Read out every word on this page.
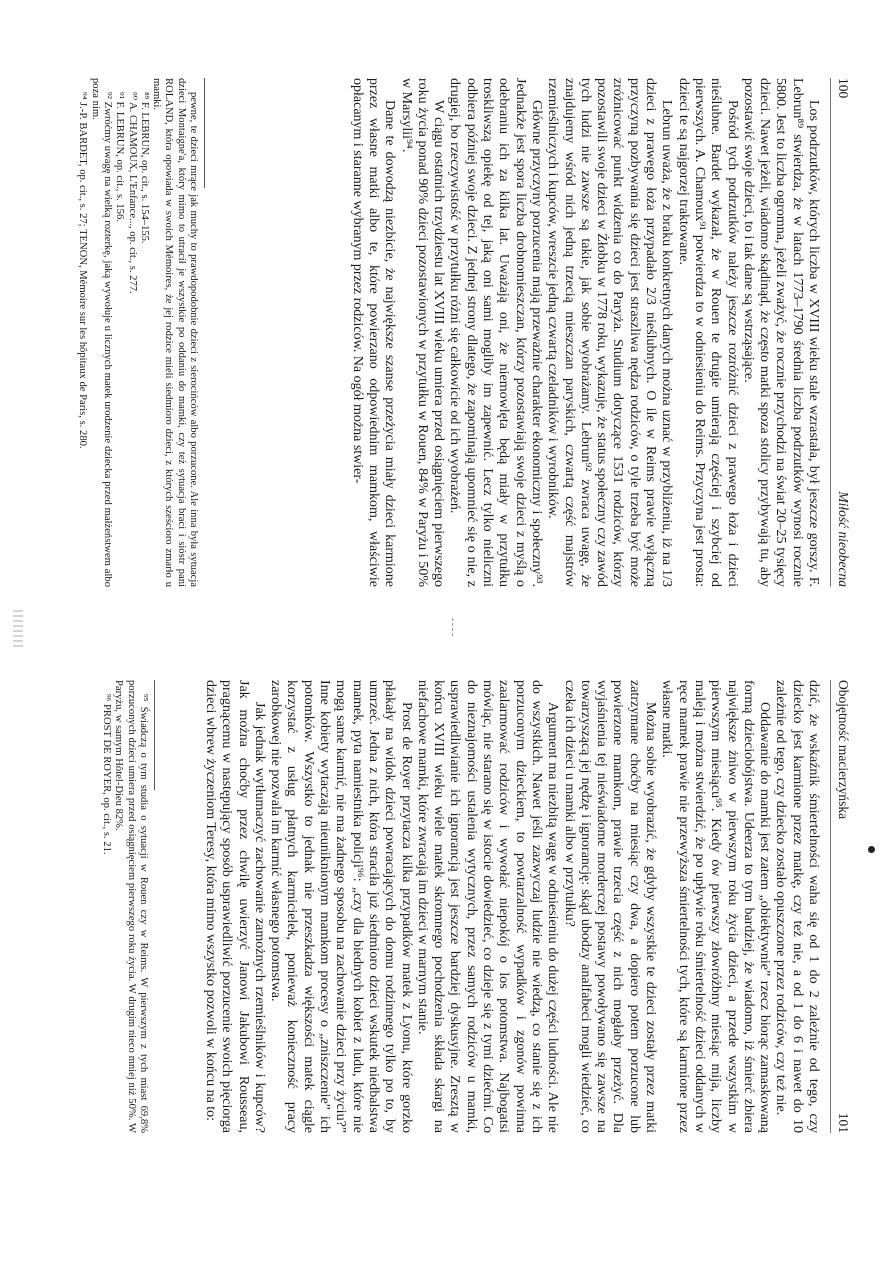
100
Miłość nieobecna

Los podrzutków, których liczba w XVIII wieku stale wzrastała, był jeszcze gorszy. F. Lebrun⁸⁹ stwierdza, że w latach 1773–1790 średnia liczba podrzutków wynosi rocznie 5800. Jest to liczba ogromna, jeżeli zważyć, że rocznie przychodzi na świat 20–25 tysięcy dzieci. Nawet jeżeli, wiadomo skądinąd, że często matki spoza stolicy przybywają tu, aby pozostawić swoje dzieci, to i tak dane są wstrząsające.

Pośród tych podrzutków należy jeszcze rozróżnić dzieci z prawego łoża i dzieci nieślubne. Bardet wykazał, że w Rouen te drugie umierają częściej i szybciej od pierwszych. A. Chamoux⁹¹ potwierdza to w odniesieniu do Reims. Przyczyna jest prosta: dzieci te są najgorzej traktowane.

Lebrun uważa, że z braku konkretnych danych można uznać w przybliżeniu, iż na 1/3 dzieci z prawego łoża przypadało 2/3 nieślubnych. O ile w Reims prawie wyłączną przyczyną pozbywania się dzieci jest straszliwa nędza rodziców, o tyle trzeba być może zróżnicować punkt widzenia co do Paryża. Studium dotyczące 1531 rodziców, którzy pozostawili swoje dzieci w Żłobku w 1778 roku, wykazuje, że status społeczny czy zawód tych ludzi nie zawsze są takie, jak sobie wyobrażamy. Lebrun⁹² zwraca uwagę, że znajdujemy wśród nich jedną trzecią mieszczan paryskich, czwartą część majstrów rzemieślniczych i kupców, wreszcie jedną czwartą czeladników i wyrobników.

Główne przyczyny porzucenia mają przeważnie charakter ekonomiczny i społeczny⁹³. Jednakże jest spora liczba drobnomieszczan, którzy pozostawiają swoje dzieci z myślą o odebraniu ich za kilka lat. Uważają oni, że niemowlęta będą miały w przytułku troskliwszą opiekę od tej, jaką oni sami mogliby im zapewnić. Lecz tylko nieliczni odbiera później swoje dzieci. Z jednej strony dlatego, że zapominają upomnieć się o nie, z drugiej, bo rzeczywistość w przytułku różni się całkowicie od ich wyobrażeń.

W ciągu ostatnich trzydziestu lat XVIII wieku umiera przed osiągnięciem pierwszego roku życia ponad 90% dzieci pozostawionych w przytułku w Rouen, 84% w Paryżu i 50% w Marsylii⁹⁴.

Dane te dowodzą niezbicie, że największe szanse przeżycia miały dzieci karmione przez własne matki albo te, które powierzano odpowiednim mamkom, właściwie opłacanym i staranne wybranym przez rodziców. Na ogół można stwier-

pewne, te dzieci mrące jak muchy to prawdopodobnie dzieci z sierocińców albo porzucone. Ale inna była sytuacja dzieci Montaigne'a, który mimo to utracił je wszystkie po oddaniu do mamki, czy też sytuacja braci i sióstr pani ROLAND, która opowiada w swoich Mémoires, że jej rodzice mieli siedmioro dzieci, z których sześcioro zmarło u mamki.

⁸⁹ F. LEBRUN, op. cit., s. 154–155.

⁹⁰ A. CHAMOUX, L'Enfance..., op. cit., s. 277.

⁹¹ F. LEBRUN, op. cit., s. 156.

⁹² Zwróćmy uwagę na wielką rozterkę, jaką wywołuje u licznych matek urodzenie dziecka przed małżeństwem albo poza nim.

⁹⁴ J.-P. BARDET, op. cit., s. 27; TENON, Mémoire sur les hôpitaux de Paris, s. 280.

Obojętność macierzyńska
101

dzić, że wskaźnik śmiertelności waha się od 1 do 2 zależnie od tego, czy dziecko jest karmione przez matkę, czy też nie, a od 1 do 6 i nawet do 10 zależnie od tego, czy dziecko zostało opuszczone przez rodziców, czy też nie.

Oddawanie do mamki jest zatem „obiektywnie” rzecz biorąc zamaskowaną formą dzieciobójstwa. Udeerza to tym bardziej, że wiadomo, iż śmierć zbiera największe żniwo w pierwszym roku życia dzieci, a przede wszystkim w pierwszym miesiącu⁹⁵. Kiedy ów pierwszy złowróżbny miesiąc mija, liczby maleją i można stwierdzić, że po upływie roku śmiertelność dzieci oddanych w ręce mamek prawie nie przewyższa śmiertelności tych, które są karmione przez własne matki.

Można sobie wyobrazić, że gdyby wszystkie te dzieci zostały przez matki zatrzymane choćby na miesiąc czy dwa, a dopiero potem porzucone lub powierzone mamkom, prawie trzecia część z nich mogłaby przeżyć. Dla wyjaśnienia tej nieświadome morderczej postawy powoływano się zawsze na towarzyszącą jej nędzę i ignorancję: skąd ubodzy analfabeci mogli wiedzieć, co czeka ich dzieci u mamki albo w przytułku?

Argument ma niezbitą wagę w odniesieniu do dużej części ludności. Ale nie do wszystkich. Nawet jeśli zazwyczaj ludzie nie wiedzą, co stanie się z ich porzuconym dzieckiem, to powtarzalność wypadków i zgonów powinna zaalarmować rodziców i wywołać niepokój o los potomstwa. Najbogatsi mówiąc, nie starano się w istocie dowiedzieć, co dzieje się z tymi dziećmi. Co do nieznajomości ustalenia wytycznych, przez samych rodziców u mamki, usprawiedliwianie ich ignorancją jest jeszcze bardziej dyskusyjne. Zresztą w końcu XVIII wieku wiele matek skromnego pochodzenia składa skargi na niefachowe mamki, które zwracają im dzieci w marnym stanie.

Prost de Royer przytacza kilka przypadków matek z Lyonu, które gorzko płakały na widok dzieci powracających do domu rodzinnego tylko po to, by umrzeć. Jedna z nich, która straciła już siedmioro dzieci wskutek niedbalstwa mamek, pyta namiestnika policji⁹⁶: „czy dla biednych kobiet z ludu, które nie mogą same karmić, nie ma żadnego sposobu na zachowanie dzieci przy życiu?” Inne kobiety wytaczają nieuniknionym mamkom procesy o „zniszczenie” ich potomków. Wszystko to jednak nie przeszkadza większości matek ciągle korzystać z usług płatnych karmicielek, ponieważ konieczność pracy zarobkowej nie pozwala im karmić własnego potomstwa.

Jak jednak wytłumaczyć zachowanie zamożnych rzemieślników i kupców? Jak można choćby przez chwilę uwierzyć Janowi Jakubowi Rousseau, pragnącemu w następujący sposób usprawiedliwić porzucenie swoich pięciorga dzieci wbrew życzeniom Teresy, która mimo wszystko pozwoli w końcu na to:

⁹⁵ Świadczą o tym studia o sytuacji w Rouen czy w Reims. W pierwszym z tych miast 69,8% porzuconych dzieci umiera przed osiągnięciem pierwszego roku życia. W drugim nieco mniej niż 50%. W Paryżu, w samym Hôtel-Dieu 82%.

⁹⁶ PROST DE ROYER, op. cit., s. 21.
